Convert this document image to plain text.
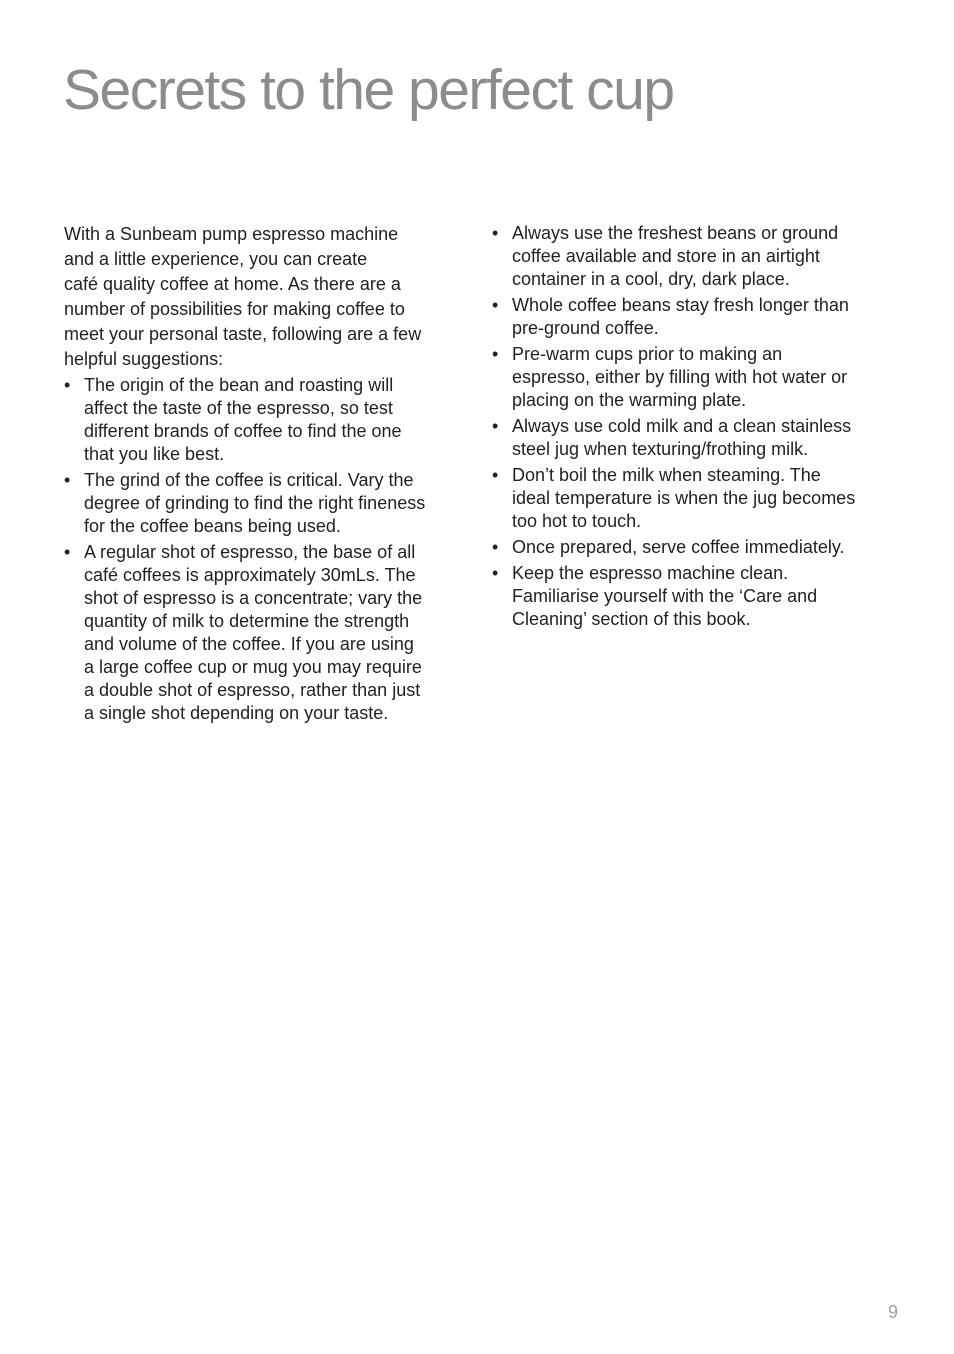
Secrets to the perfect cup

With a Sunbeam pump espresso machine
and a little experience, you can create
café quality coffee at home. As there are a
number of possibilities for making coffee to
meet your personal taste, following are a few
helpful suggestions:

• The origin of the bean and roasting will
affect the taste of the espresso, so test
different brands of coffee to find the one
that you like best.
• The grind of the coffee is critical. Vary the
degree of grinding to find the right fineness
for the coffee beans being used.
• A regular shot of espresso, the base of all
café coffees is approximately 30mLs. The
shot of espresso is a concentrate; vary the
quantity of milk to determine the strength
and volume of the coffee. If you are using
a large coffee cup or mug you may require
a double shot of espresso, rather than just
a single shot depending on your taste.
• Always use the freshest beans or ground
coffee available and store in an airtight
container in a cool, dry, dark place.
• Whole coffee beans stay fresh longer than
pre-ground coffee.
• Pre-warm cups prior to making an
espresso, either by filling with hot water or
placing on the warming plate.
• Always use cold milk and a clean stainless
steel jug when texturing/frothing milk.
• Don’t boil the milk when steaming. The
ideal temperature is when the jug becomes
too hot to touch.
• Once prepared, serve coffee immediately.
• Keep the espresso machine clean.
Familiarise yourself with the ‘Care and
Cleaning’ section of this book.
9
